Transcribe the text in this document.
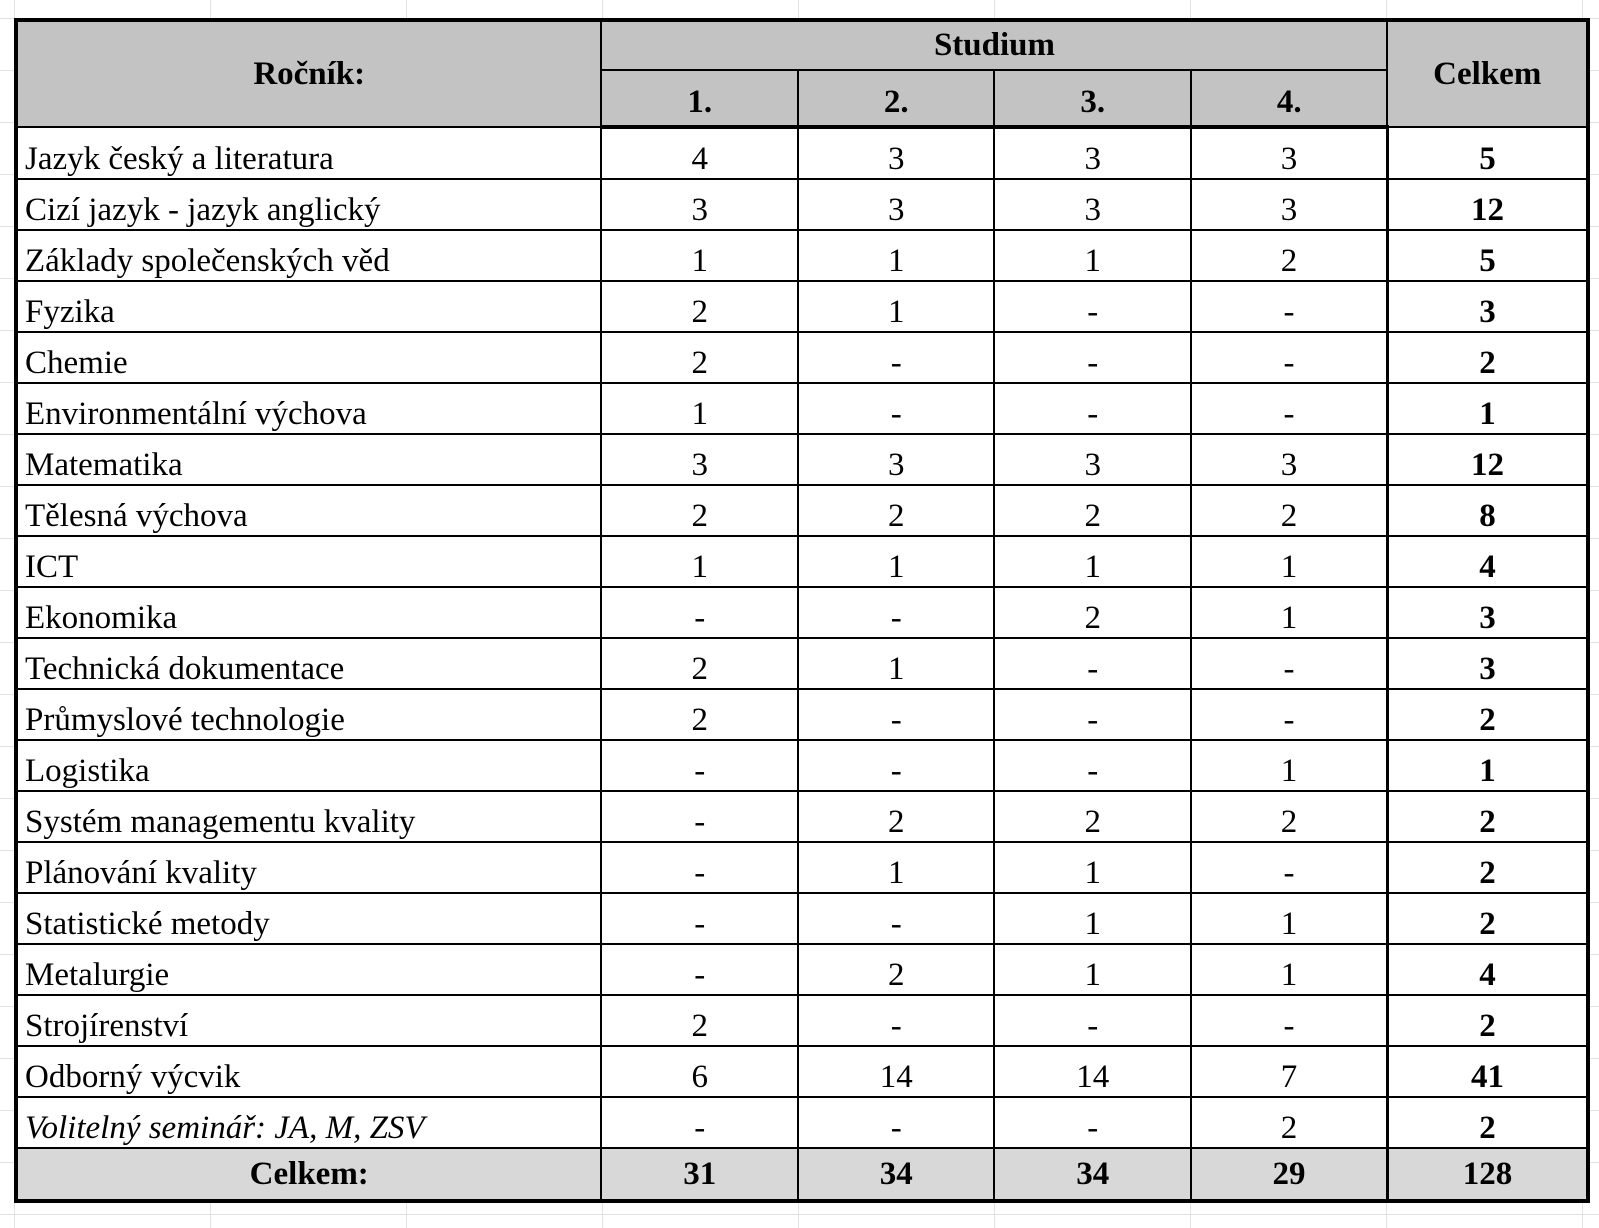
Ročník:	Studium				Celkem
	1.	2.	3.	4.	
Jazyk český a literatura	4	3	3	3	5
Cizí jazyk - jazyk anglický	3	3	3	3	12
Základy společenských věd	1	1	1	2	5
Fyzika	2	1	-	-	3
Chemie	2	-	-	-	2
Environmentální výchova	1	-	-	-	1
Matematika	3	3	3	3	12
Tělesná výchova	2	2	2	2	8
ICT	1	1	1	1	4
Ekonomika	-	-	2	1	3
Technická dokumentace	2	1	-	-	3
Průmyslové technologie	2	-	-	-	2
Logistika	-	-	-	1	1
Systém managementu kvality	-	2	2	2	2
Plánování kvality	-	1	1	-	2
Statistické metody	-	-	1	1	2
Metalurgie	-	2	1	1	4
Strojírenství	2	-	-	-	2
Odborný výcvik	6	14	14	7	41
Volitelný seminář: JA, M, ZSV	-	-	-	2	2
Celkem:	31	34	34	29	128
